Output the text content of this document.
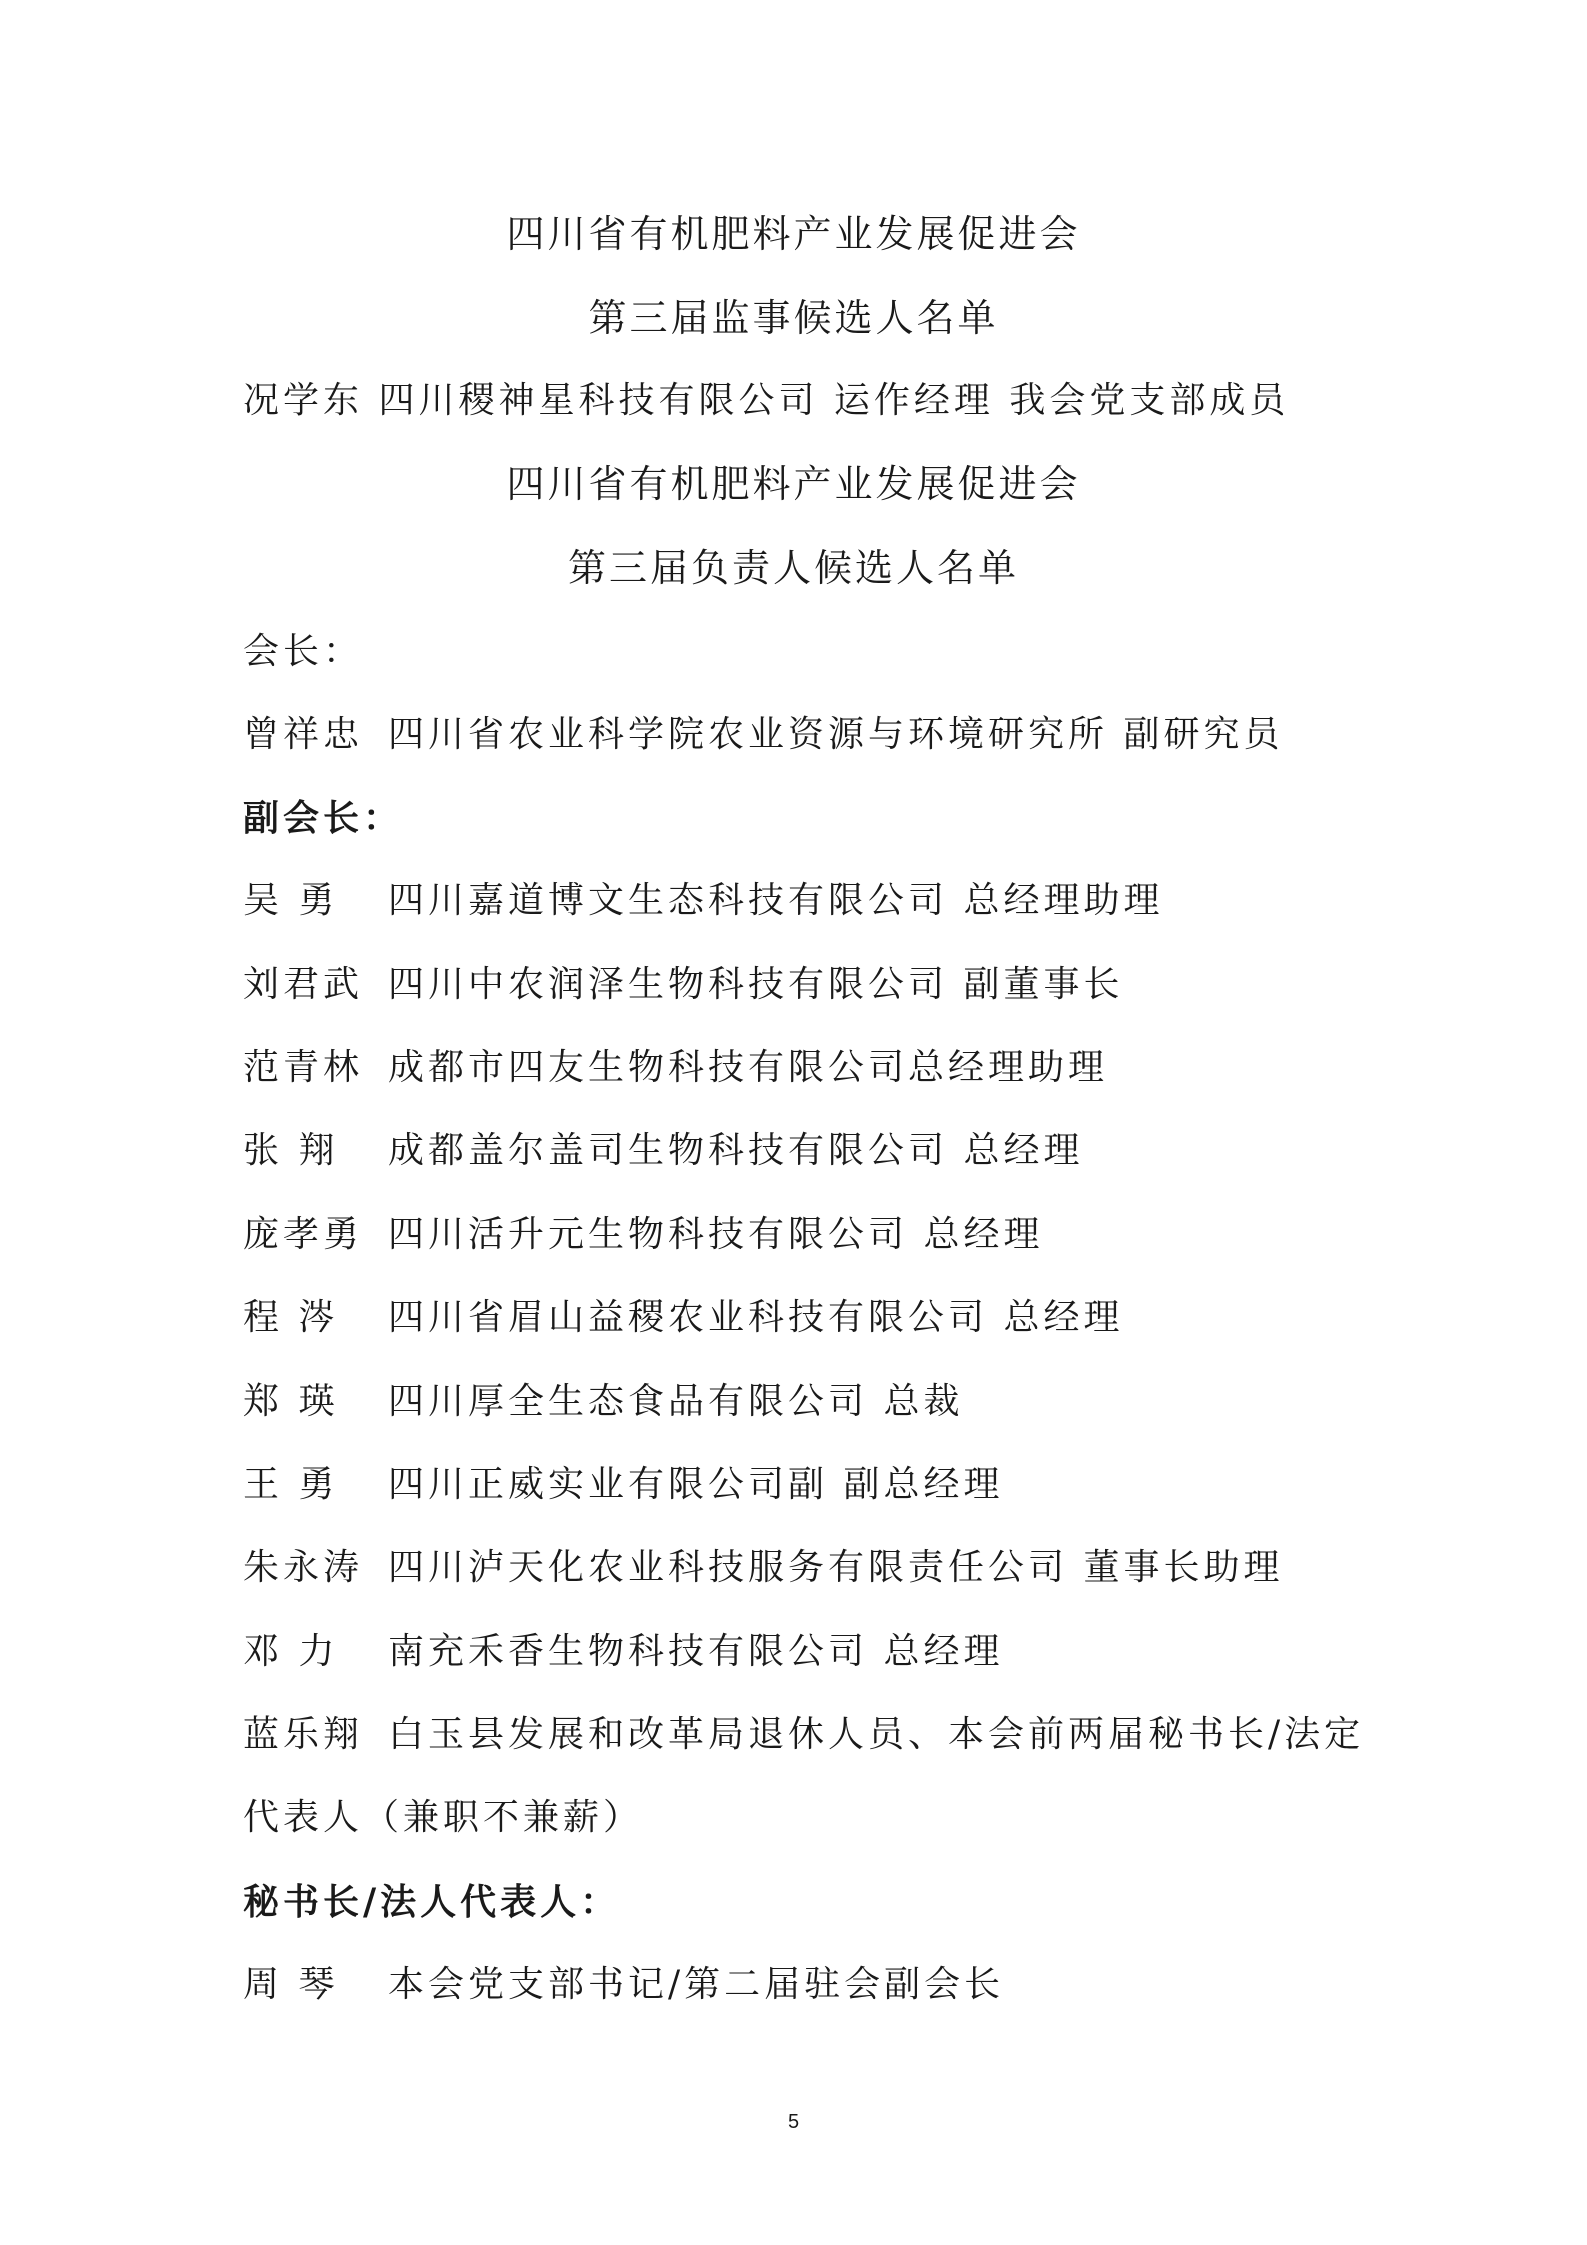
四川省有机肥料产业发展促进会
第三届监事候选人名单
况学东 四川稷神星科技有限公司 运作经理 我会党支部成员
四川省有机肥料产业发展促进会
第三届负责人候选人名单
会长：
曾祥忠 四川省农业科学院农业资源与环境研究所 副研究员
副会长：
吴 勇 四川嘉道博文生态科技有限公司 总经理助理
刘君武 四川中农润泽生物科技有限公司 副董事长
范青林 成都市四友生物科技有限公司总经理助理
张 翔 成都盖尔盖司生物科技有限公司 总经理
庞孝勇 四川活升元生物科技有限公司 总经理
程 涔 四川省眉山益稷农业科技有限公司 总经理
郑 瑛 四川厚全生态食品有限公司 总裁
王 勇 四川正威实业有限公司副 副总经理
朱永涛 四川泸天化农业科技服务有限责任公司 董事长助理
邓 力 南充禾香生物科技有限公司 总经理
蓝乐翔 白玉县发展和改革局退休人员、本会前两届秘书长/法定
代表人（兼职不兼薪）
秘书长/法人代表人：
周 琴 本会党支部书记/第二届驻会副会长
5
